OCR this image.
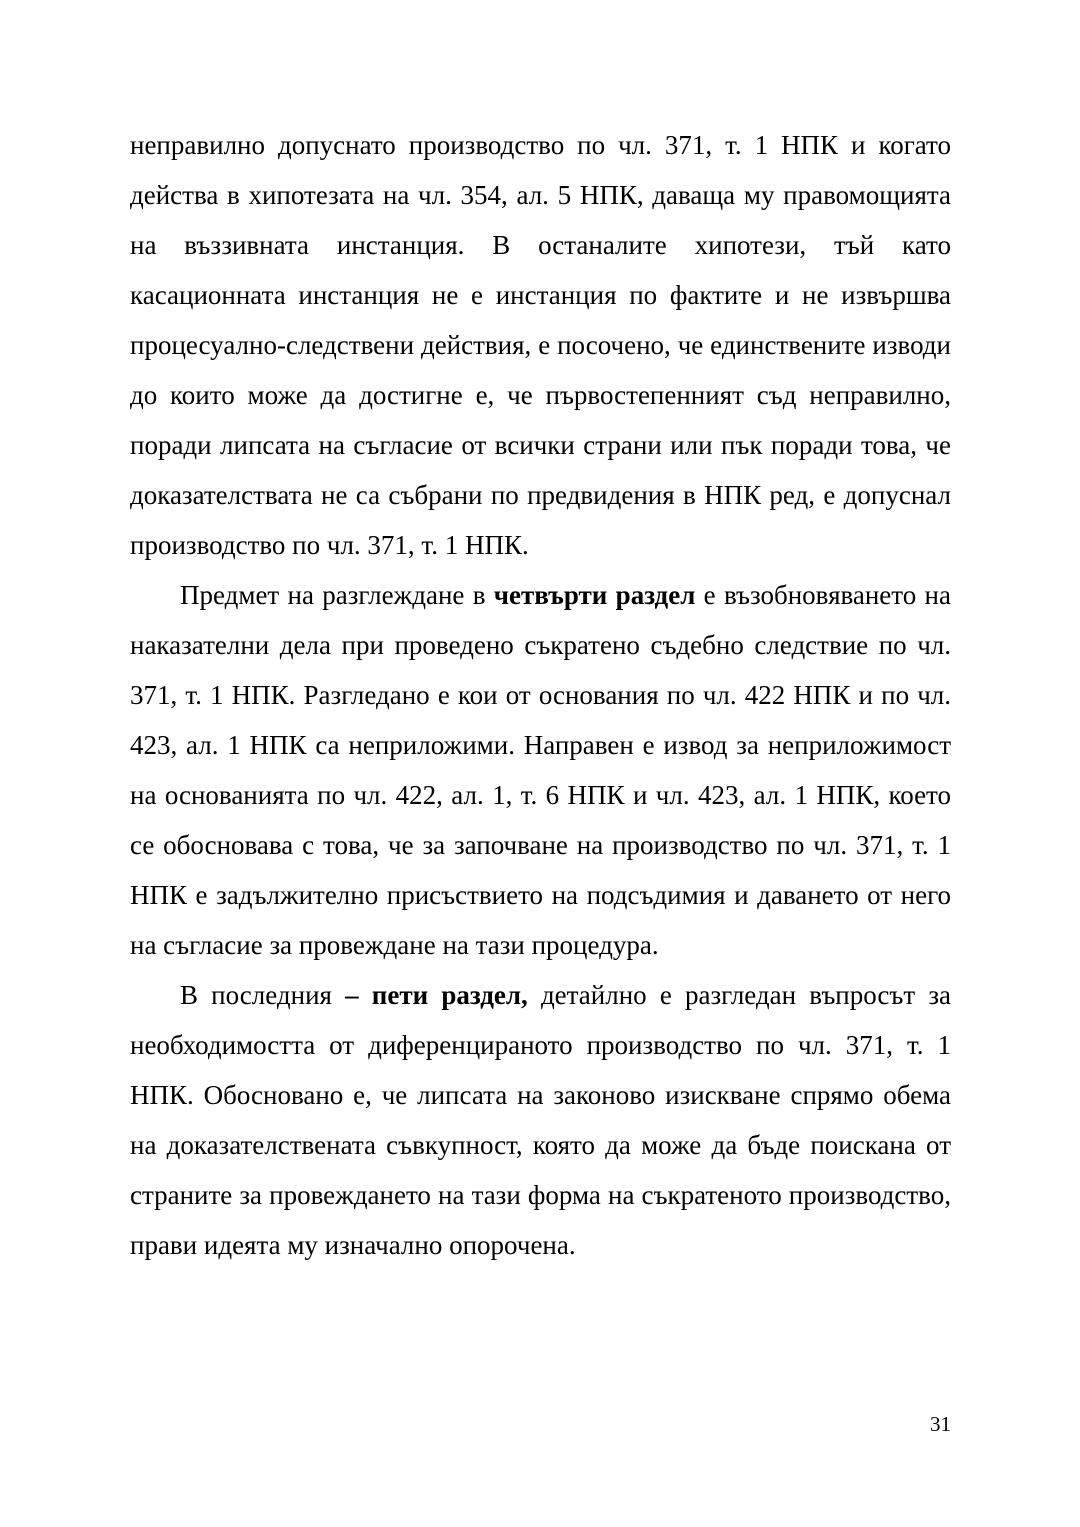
неправилно допуснато производство по чл. 371, т. 1 НПК и когато действа в хипотезата на чл. 354, ал. 5 НПК, даваща му правомощията на въззивната инстанция. В останалите хипотези, тъй като касационната инстанция не е инстанция по фактите и не извършва процесуално-следствени действия, е посочено, че единствените изводи до които може да достигне е, че първостепенният съд неправилно, поради липсата на съгласие от всички страни или пък поради това, че доказателствата не са събрани по предвидения в НПК ред, е допуснал производство по чл. 371, т. 1 НПК.

Предмет на разглеждане в четвърти раздел е възобновяването на наказателни дела при проведено съкратено съдебно следствие по чл. 371, т. 1 НПК. Разгледано е кои от основания по чл. 422 НПК и по чл. 423, ал. 1 НПК са неприложими. Направен е извод за неприложимост на основанията по чл. 422, ал. 1, т. 6 НПК и чл. 423, ал. 1 НПК, което се обосновава с това, че за започване на производство по чл. 371, т. 1 НПК е задължително присъствието на подсъдимия и даването от него на съгласие за провеждане на тази процедура.

В последния – пети раздел, детайлно е разгледан въпросът за необходимостта от диференцираното производство по чл. 371, т. 1 НПК. Обосновано е, че липсата на законово изискване спрямо обема на доказателствената съвкупност, която да може да бъде поискана от страните за провеждането на тази форма на съкратеното производство, прави идеята му изначално опорочена.

31
